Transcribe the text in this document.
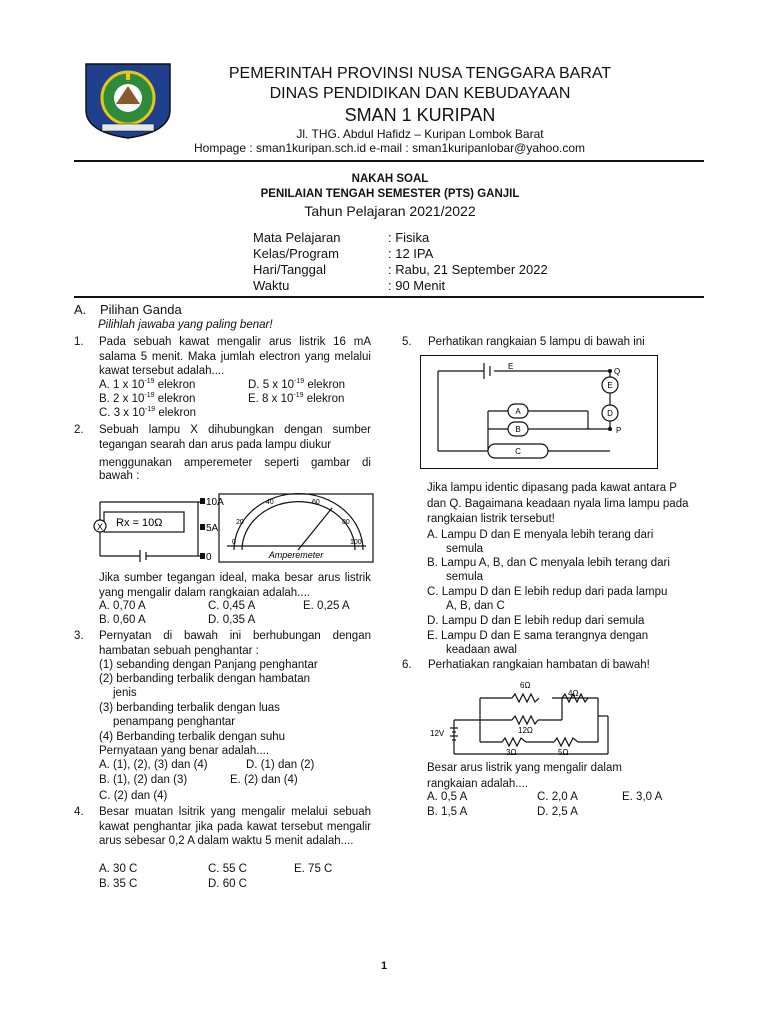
PEMERINTAH PROVINSI NUSA TENGGARA BARAT
DINAS PENDIDIKAN DAN KEBUDAYAAN
SMAN 1 KURIPAN
Jl. THG. Abdul Hafidz – Kuripan Lombok Barat
Hompage : sman1kuripan.sch.id e-mail : sman1kuripanlobar@yahoo.com
NAKAH SOAL
PENILAIAN TENGAH SEMESTER (PTS) GANJIL
Tahun Pelajaran 2021/2022
Mata Pelajaran	: Fisika
Kelas/Program	: 12 IPA
Hari/Tanggal	: Rabu, 21 September 2022
Waktu	: 90 Menit
A. Pilihan Ganda
Pilihlah jawaba yang paling benar!
1. Pada sebuah kawat mengalir arus listrik 16 mA salama 5 menit. Maka jumlah electron yang melalui kawat tersebut adalah....
A. 1 x $10^{-19}$ elekron	D. 5 x $10^{-19}$ elekron
B. 2 x $10^{-19}$ elekron	E. 8 x $10^{-19}$ elekron
C. 3 x $10^{-19}$ elekron
2. Sebuah lampu X dihubungkan dengan sumber tegangan searah dan arus pada lampu diukur
menggunakan amperemeter seperti gambar di bawah :
X Rx = 10Ω
10A
5A
0
0
20
40	60
80
100
Amperemeter
Jika sumber tegangan ideal, maka besar arus listrik yang mengalir dalam rangkaian adalah....
A. 0,70 A	C. 0,45 A	E. 0,25 A
B. 0,60 A	D. 0,35 A
3. Pernyatan di bawah ini berhubungan dengan hambatan sebuah penghantar :
(1) sebanding dengan Panjang penghantar
(2) berbanding terbalik dengan hambatan
jenis
(3) berbanding terbalik dengan luas
penampang penghantar
(4) Berbanding terbalik dengan suhu
Pernyataan yang benar adalah....
A. (1), (2), (3) dan (4)	D. (1) dan (2)
B. (1), (2) dan (3)	E. (2) dan (4)
C. (2) dan (4)
4. Besar muatan lsitrik yang mengalir melalui sebuah kawat penghantar jika pada kawat tersebut mengalir arus sebesar 0,2 A dalam waktu 5 menit adalah....
A. 30 C	C. 55 C	E. 75 C
B. 35 C	D. 60 C
5. Perhatikan rangkaian 5 lampu di bawah ini
E
Q
P
E
D
A
B
C
Jika lampu identic dipasang pada kawat antara P dan Q. Bagaimana keadaan nyala lima lampu pada rangkaian listrik tersebut!
A. Lampu D dan E menyala lebih terang dari
semula
B. Lampu A, B, dan C menyala lebih terang dari
semula
C. Lampu D dan E lebih redup dari pada lampu
A, B, dan C
D. Lampu D dan E lebih redup dari semula
E. Lampu D dan E sama terangnya dengan
keadaan awal
6. Perhatiakan rangkaian hambatan di bawah!
12V
6Ω
4Ω
12Ω
3Ω	5Ω
Besar arus listrik yang mengalir dalam rangkaian adalah....
A. 0,5 A	C. 2,0 A	E. 3,0 A
B. 1,5 A	D. 2,5 A
1
